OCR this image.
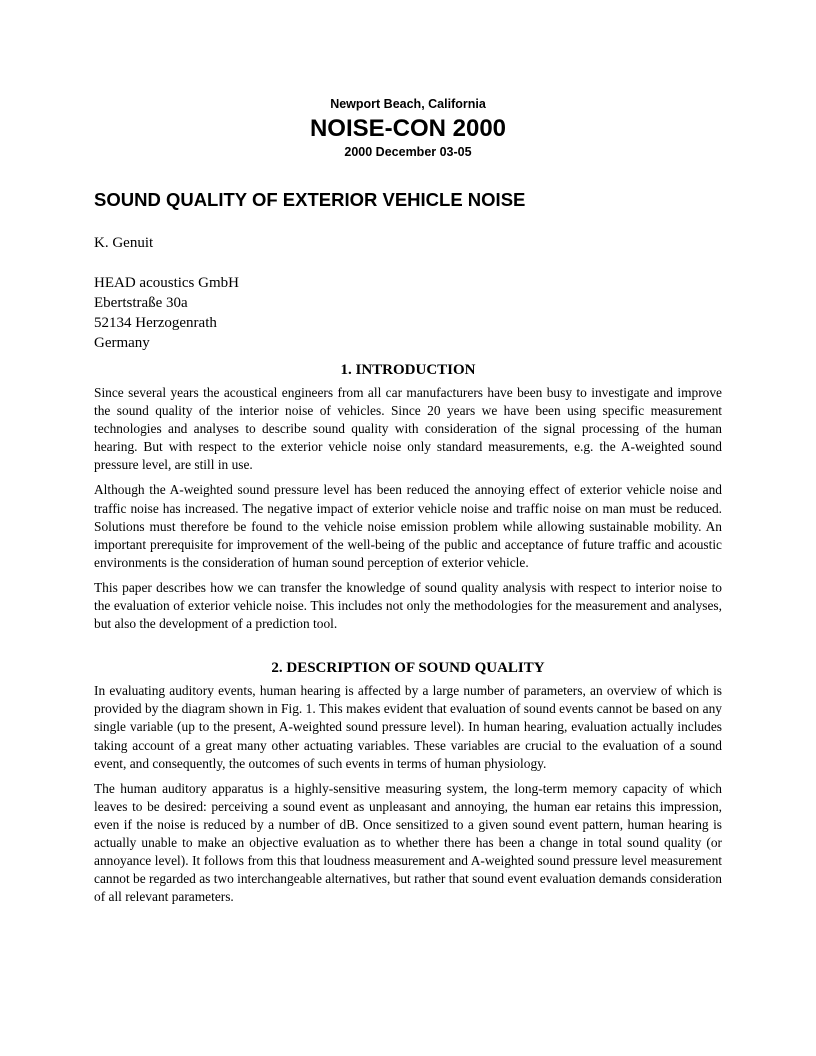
Newport Beach, California
NOISE-CON 2000
2000 December 03-05
SOUND QUALITY OF EXTERIOR VEHICLE NOISE
K. Genuit
HEAD acoustics GmbH
Ebertstraße 30a
52134 Herzogenrath
Germany
1. INTRODUCTION

Since several years the acoustical engineers from all car manufacturers have been busy to investigate and improve the sound quality of the interior noise of vehicles. Since 20 years we have been using specific measurement technologies and analyses to describe sound quality with consideration of the signal processing of the human hearing. But with respect to the exterior vehicle noise only standard measurements, e.g. the A-weighted sound pressure level, are still in use.

Although the A-weighted sound pressure level has been reduced the annoying effect of exterior vehicle noise and traffic noise has increased. The negative impact of exterior vehicle noise and traffic noise on man must be reduced. Solutions must therefore be found to the vehicle noise emission problem while allowing sustainable mobility. An important prerequisite for improvement of the well-being of the public and acceptance of future traffic and acoustic environments is the consideration of human sound perception of exterior vehicle.

This paper describes how we can transfer the knowledge of sound quality analysis with respect to interior noise to the evaluation of exterior vehicle noise. This includes not only the methodologies for the measurement and analyses, but also the development of a prediction tool.

2. DESCRIPTION OF SOUND QUALITY

In evaluating auditory events, human hearing is affected by a large number of parameters, an overview of which is provided by the diagram shown in Fig. 1. This makes evident that evaluation of sound events cannot be based on any single variable (up to the present, A-weighted sound pressure level). In human hearing, evaluation actually includes taking account of a great many other actuating variables. These variables are crucial to the evaluation of a sound event, and consequently, the outcomes of such events in terms of human physiology.

The human auditory apparatus is a highly-sensitive measuring system, the long-term memory capacity of which leaves to be desired: perceiving a sound event as unpleasant and annoying, the human ear retains this impression, even if the noise is reduced by a number of dB. Once sensitized to a given sound event pattern, human hearing is actually unable to make an objective evaluation as to whether there has been a change in total sound quality (or annoyance level). It follows from this that loudness measurement and A-weighted sound pressure level measurement cannot be regarded as two interchangeable alternatives, but rather that sound event evaluation demands consideration of all relevant parameters.
